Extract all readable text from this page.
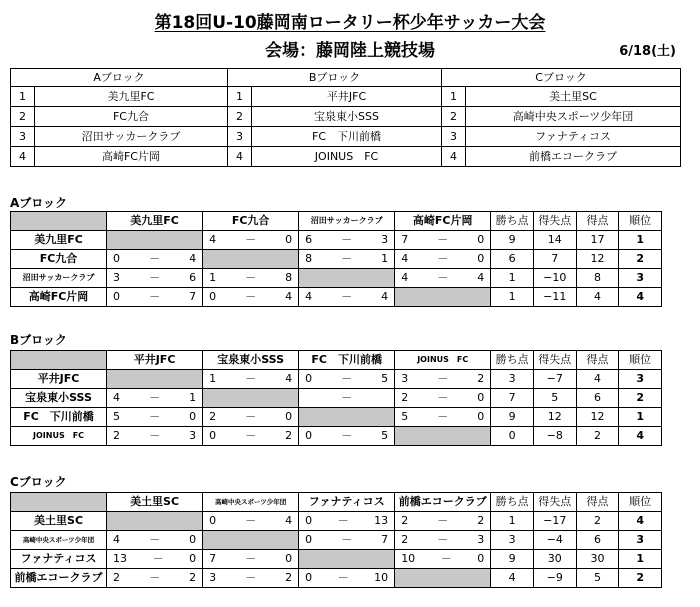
第18回U-10藤岡南ロータリー杯少年サッカー大会
会場：藤岡陸上競技場	6/18(土)
Aブロック		Bブロック		Cブロック	
1	美九里FC	1	平井JFC	1	美土里SC
2	FC九合	2	宝泉東小SSS	2	高崎中央スポーツ少年団
3	沼田サッカークラブ	3	FC　下川前橋	3	ファナティコス
4	高崎FC片岡	4	JOINUS　FC	4	前橋エコークラブ
Aブロック
	美九里FC	FC九合	沼田サッカークラブ	高崎FC片岡	勝ち点	得失点	得点	順位
美九里FC		4 － 0	6 － 3	7 － 0	9	14	17	1
FC九合	0 － 4		8 － 1	4 － 0	6	7	12	2
沼田サッカークラブ	3 － 6	1 － 8		4 － 4	1	−10	8	3
高崎FC片岡	0 － 7	0 － 4	4 － 4		1	−11	4	4
Bブロック
	平井JFC	宝泉東小SSS	FC　下川前橋	JOINUS　FC	勝ち点	得失点	得点	順位
平井JFC		1 － 4	0 － 5	3 － 2	3	−7	4	3
宝泉東小SSS	4 － 1		－	2 － 0	7	5	6	2
FC　下川前橋	5 － 0	2 － 0		5 － 0	9	12	12	1
JOINUS　FC	2 － 3	0 － 2	0 － 5		0	−8	2	4
Cブロック
	美土里SC	高崎中央スポーツ少年団	ファナティコス	前橋エコークラブ	勝ち点	得失点	得点	順位
美土里SC		0 － 4	0 － 13	2 － 2	1	−17	2	4
高崎中央スポーツ少年団	4 － 0		0 － 7	2 － 3	3	−4	6	3
ファナティコス	13 － 0	7 － 0		10 － 0	9	30	30	1
前橋エコークラブ	2 － 2	3 － 2	0 － 10		4	−9	5	2
